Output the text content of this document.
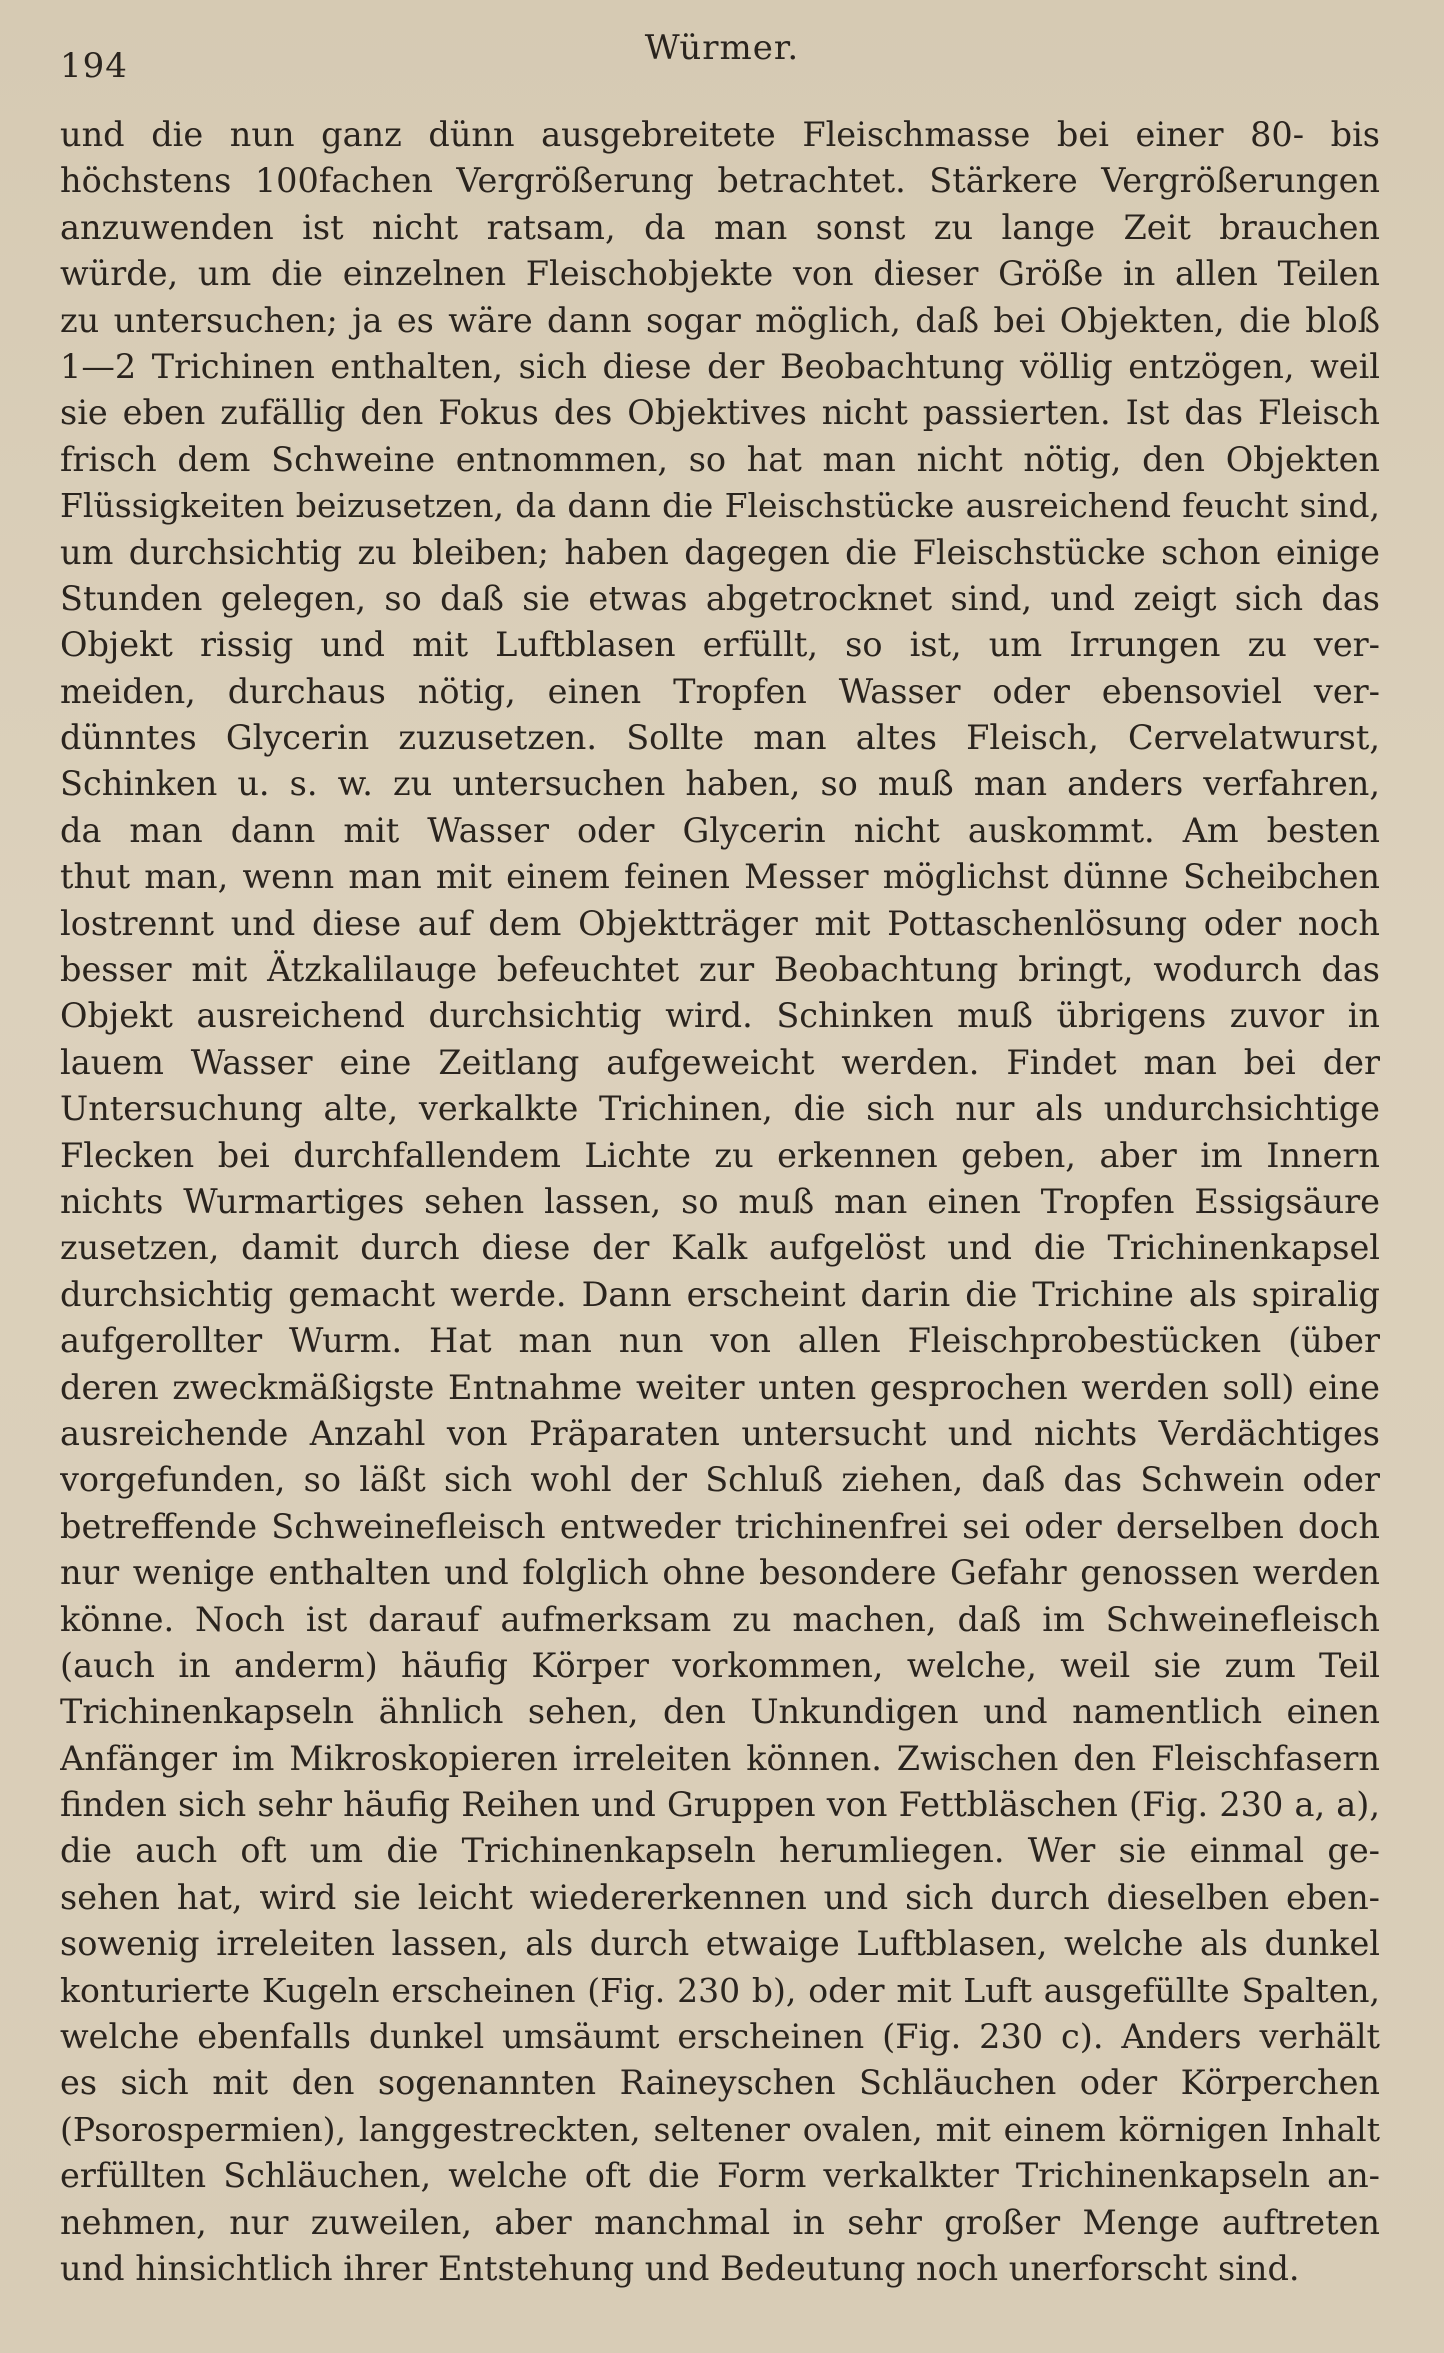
194	Würmer.
und die nun ganz dünn ausgebreitete Fleischmasse bei einer 80- bis
höchstens 100fachen Vergrößerung betrachtet. Stärkere Vergrößerungen
anzuwenden ist nicht ratsam, da man sonst zu lange Zeit brauchen
würde, um die einzelnen Fleischobjekte von dieser Größe in allen Teilen
zu untersuchen; ja es wäre dann sogar möglich, daß bei Objekten, die bloß
1—2 Trichinen enthalten, sich diese der Beobachtung völlig entzögen, weil
sie eben zufällig den Fokus des Objektives nicht passierten. Ist das Fleisch
frisch dem Schweine entnommen, so hat man nicht nötig, den Objekten
Flüssigkeiten beizusetzen, da dann die Fleischstücke ausreichend feucht sind,
um durchsichtig zu bleiben; haben dagegen die Fleischstücke schon einige
Stunden gelegen, so daß sie etwas abgetrocknet sind, und zeigt sich das
Objekt rissig und mit Luftblasen erfüllt, so ist, um Irrungen zu ver-
meiden, durchaus nötig, einen Tropfen Wasser oder ebensoviel ver-
dünntes Glycerin zuzusetzen. Sollte man altes Fleisch, Cervelatwurst,
Schinken u. s. w. zu untersuchen haben, so muß man anders verfahren,
da man dann mit Wasser oder Glycerin nicht auskommt. Am besten
thut man, wenn man mit einem feinen Messer möglichst dünne Scheibchen
lostrennt und diese auf dem Objektträger mit Pottaschenlösung oder noch
besser mit Ätzkalilauge befeuchtet zur Beobachtung bringt, wodurch das
Objekt ausreichend durchsichtig wird. Schinken muß übrigens zuvor in
lauem Wasser eine Zeitlang aufgeweicht werden. Findet man bei der
Untersuchung alte, verkalkte Trichinen, die sich nur als undurchsichtige
Flecken bei durchfallendem Lichte zu erkennen geben, aber im Innern
nichts Wurmartiges sehen lassen, so muß man einen Tropfen Essigsäure
zusetzen, damit durch diese der Kalk aufgelöst und die Trichinenkapsel
durchsichtig gemacht werde. Dann erscheint darin die Trichine als spiralig
aufgerollter Wurm. Hat man nun von allen Fleischprobestücken (über
deren zweckmäßigste Entnahme weiter unten gesprochen werden soll) eine
ausreichende Anzahl von Präparaten untersucht und nichts Verdächtiges
vorgefunden, so läßt sich wohl der Schluß ziehen, daß das Schwein oder
betreffende Schweinefleisch entweder trichinenfrei sei oder derselben doch
nur wenige enthalten und folglich ohne besondere Gefahr genossen werden
könne. Noch ist darauf aufmerksam zu machen, daß im Schweinefleisch
(auch in anderm) häufig Körper vorkommen, welche, weil sie zum Teil
Trichinenkapseln ähnlich sehen, den Unkundigen und namentlich einen
Anfänger im Mikroskopieren irreleiten können. Zwischen den Fleischfasern
finden sich sehr häufig Reihen und Gruppen von Fettbläschen (Fig. 230 a, a),
die auch oft um die Trichinenkapseln herumliegen. Wer sie einmal ge-
sehen hat, wird sie leicht wiedererkennen und sich durch dieselben eben-
sowenig irreleiten lassen, als durch etwaige Luftblasen, welche als dunkel
konturierte Kugeln erscheinen (Fig. 230 b), oder mit Luft ausgefüllte Spalten,
welche ebenfalls dunkel umsäumt erscheinen (Fig. 230 c). Anders verhält
es sich mit den sogenannten Raineyschen Schläuchen oder Körperchen
(Psorospermien), langgestreckten, seltener ovalen, mit einem körnigen Inhalt
erfüllten Schläuchen, welche oft die Form verkalkter Trichinenkapseln an-
nehmen, nur zuweilen, aber manchmal in sehr großer Menge auftreten
und hinsichtlich ihrer Entstehung und Bedeutung noch unerforscht sind.
